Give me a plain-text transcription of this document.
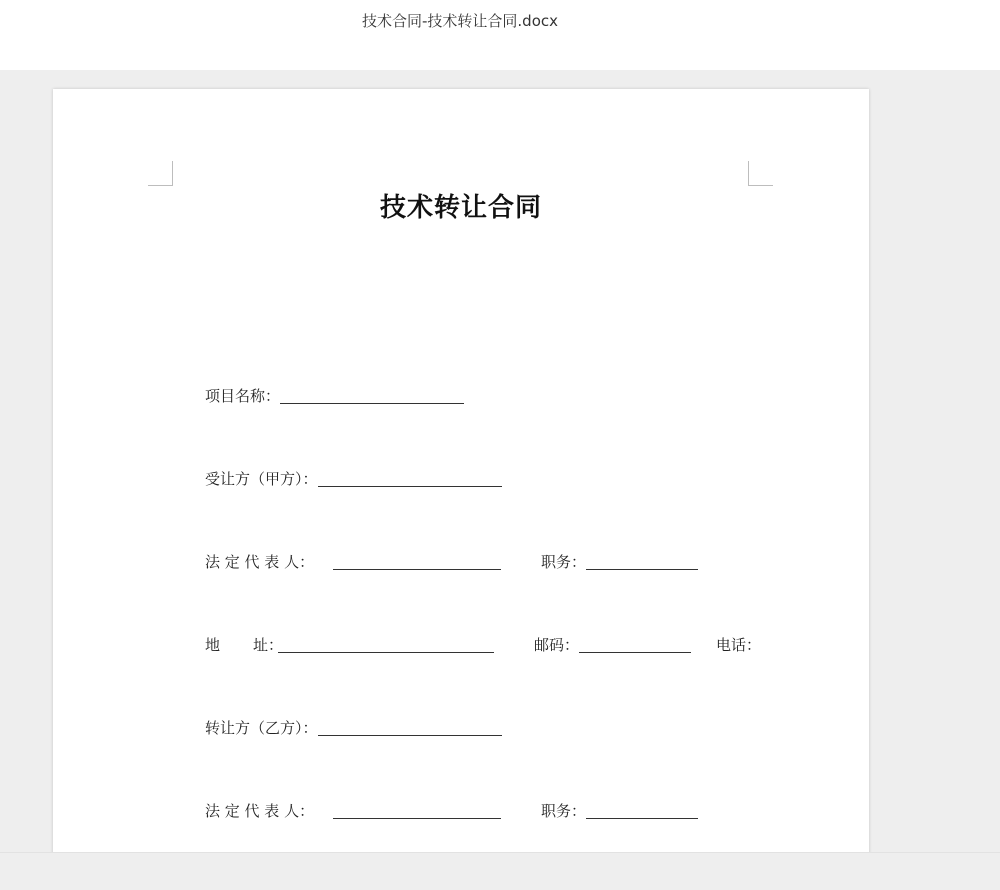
技术合同-技术转让合同.docx
技术转让合同
项目名称：
受让方（甲方）：
法 定 代 表 人：	职务：
地 址：	邮码：	电话：
转让方（乙方）：
法 定 代 表 人：	职务：
